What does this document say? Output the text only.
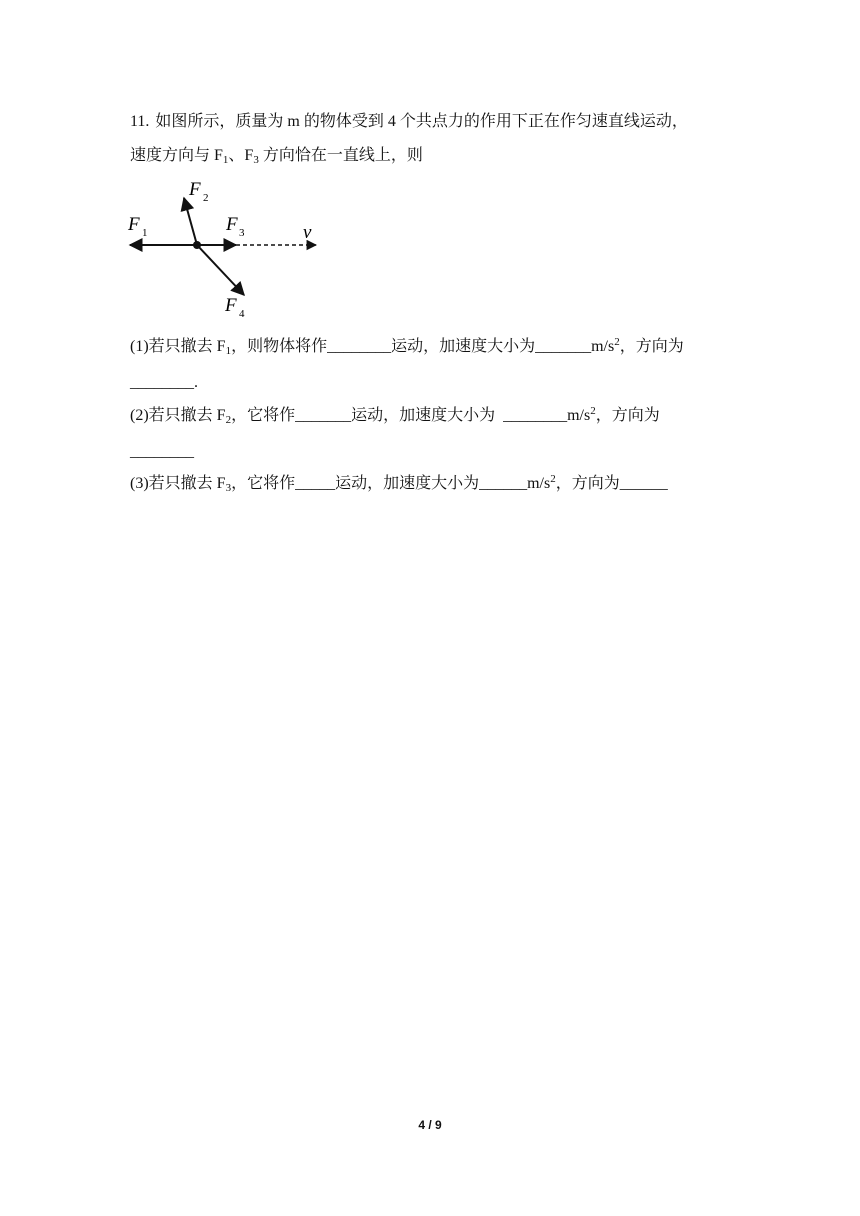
11. 如图所示，质量为 m 的物体受到 4 个共点力的作用下正在作匀速直线运动，
速度方向与 $F_1$、$F_3$ 方向恰在一直线上，则
F 1
F 2
F 3	v
F 4
(1)若只撤去 $F_1$，则物体将作________运动，加速度大小为$\_\_\_\_\_\_\_m/s^2$，方向为
________.
(2)若只撤去 $F_2$，它将作_______运动，加速度大小为  $\_\_\_\_\_\_\_\_m/s^2$，方向为
________
(3)若只撤去 $F_3$，它将作_____运动，加速度大小为$\_\_\_\_\_\_m/s^2$，方向为______
4 / 9
